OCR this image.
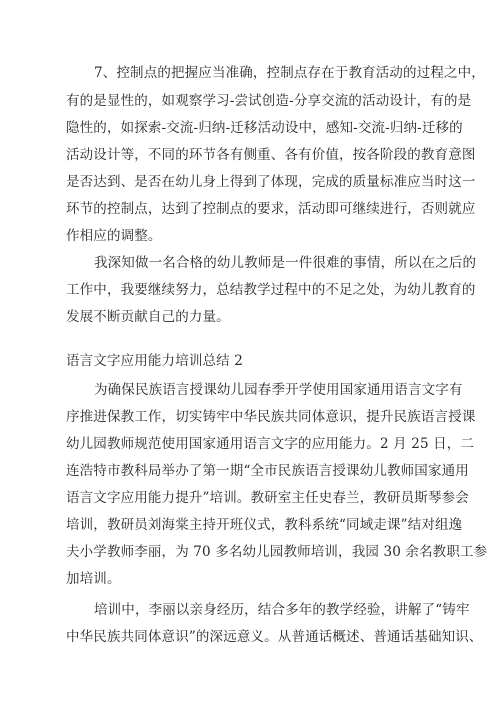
7、控制点的把握应当准确，控制点存在于教育活动的过程之中，
有的是显性的，如观察学习-尝试创造-分享交流的活动设计，有的是
隐性的，如探索-交流-归纳-迁移活动设中，感知-交流-归纳-迁移的
活动设计等，不同的环节各有侧重、各有价值，按各阶段的教育意图
是否达到、是否在幼儿身上得到了体现，完成的质量标准应当时这一
环节的控制点，达到了控制点的要求，活动即可继续进行，否则就应
作相应的调整。
我深知做一名合格的幼儿教师是一件很难的事情，所以在之后的
工作中，我要继续努力，总结教学过程中的不足之处，为幼儿教育的
发展不断贡献自己的力量。
语言文字应用能力培训总结 2
为确保民族语言授课幼儿园春季开学使用国家通用语言文字有
序推进保教工作，切实铸牢中华民族共同体意识，提升民族语言授课
幼儿园教师规范使用国家通用语言文字的应用能力。2 月 25 日，二
连浩特市教科局举办了第一期“全市民族语言授课幼儿教师国家通用
语言文字应用能力提升”培训。教研室主任史春兰，教研员斯琴参会
培训，教研员刘海棠主持开班仪式，教科系统“同域走课”结对组逸
夫小学教师李丽，为 70 多名幼儿园教师培训，我园 30 余名教职工参
加培训。
培训中，李丽以亲身经历，结合多年的教学经验，讲解了“铸牢
中华民族共同体意识”的深远意义。从普通话概述、普通话基础知识、
